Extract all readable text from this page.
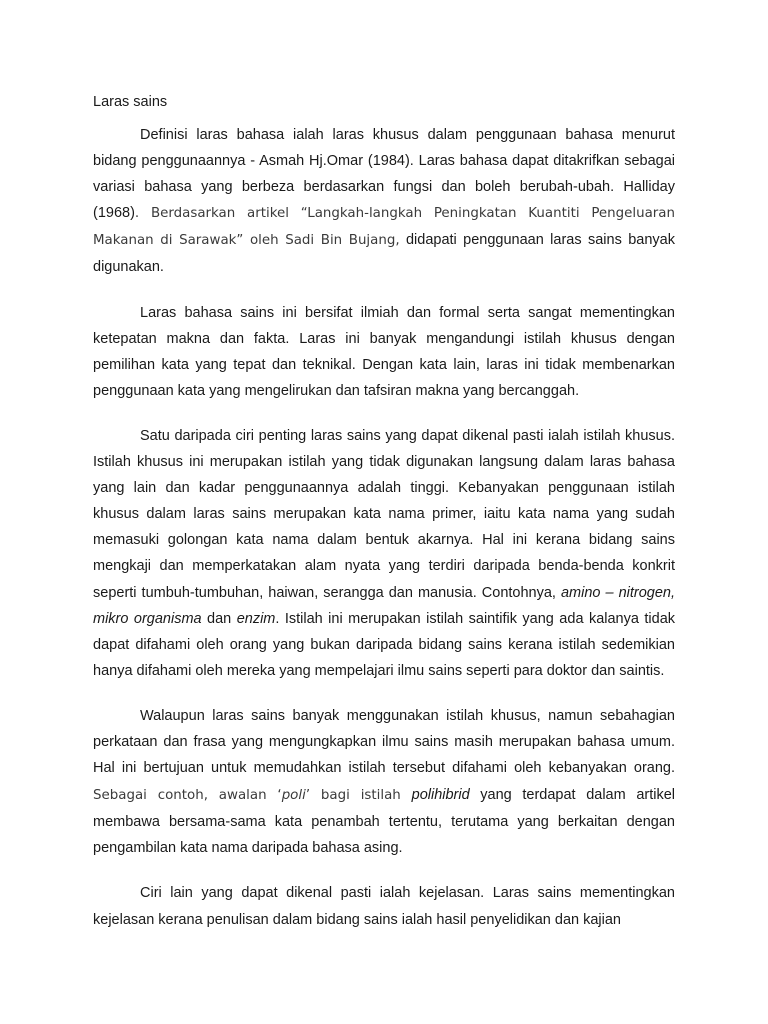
Laras sains

Definisi laras bahasa ialah laras khusus dalam penggunaan bahasa menurut bidang penggunaannya - Asmah Hj.Omar (1984). Laras bahasa dapat ditakrifkan sebagai variasi bahasa yang berbeza berdasarkan fungsi dan boleh berubah-ubah. Halliday (1968). Berdasarkan artikel “Langkah-langkah Peningkatan Kuantiti Pengeluaran Makanan di Sarawak” oleh Sadi Bin Bujang, didapati penggunaan laras sains banyak digunakan.

Laras bahasa sains ini bersifat ilmiah dan formal serta sangat mementingkan ketepatan makna dan fakta. Laras ini banyak mengandungi istilah khusus dengan pemilihan kata yang tepat dan teknikal. Dengan kata lain, laras ini tidak membenarkan penggunaan kata yang mengelirukan dan tafsiran makna yang bercanggah.

Satu daripada ciri penting laras sains yang dapat dikenal pasti ialah istilah khusus. Istilah khusus ini merupakan istilah yang tidak digunakan langsung dalam laras bahasa yang lain dan kadar penggunaannya adalah tinggi. Kebanyakan penggunaan istilah khusus dalam laras sains merupakan kata nama primer, iaitu kata nama yang sudah memasuki golongan kata nama dalam bentuk akarnya. Hal ini kerana bidang sains mengkaji dan memperkatakan alam nyata yang terdiri daripada benda-benda konkrit seperti tumbuh-tumbuhan, haiwan, serangga dan manusia. Contohnya, amino – nitrogen, mikro organisma dan enzim. Istilah ini merupakan istilah saintifik yang ada kalanya tidak dapat difahami oleh orang yang bukan daripada bidang sains kerana istilah sedemikian hanya difahami oleh mereka yang mempelajari ilmu sains seperti para doktor dan saintis.

Walaupun laras sains banyak menggunakan istilah khusus, namun sebahagian perkataan dan frasa yang mengungkapkan ilmu sains masih merupakan bahasa umum. Hal ini bertujuan untuk memudahkan istilah tersebut difahami oleh kebanyakan orang. Sebagai contoh, awalan ‘poli’ bagi istilah polihibrid yang terdapat dalam artikel membawa bersama-sama kata penambah tertentu, terutama yang berkaitan dengan pengambilan kata nama daripada bahasa asing.

Ciri lain yang dapat dikenal pasti ialah kejelasan. Laras sains mementingkan kejelasan kerana penulisan dalam bidang sains ialah hasil penyelidikan dan kajian
